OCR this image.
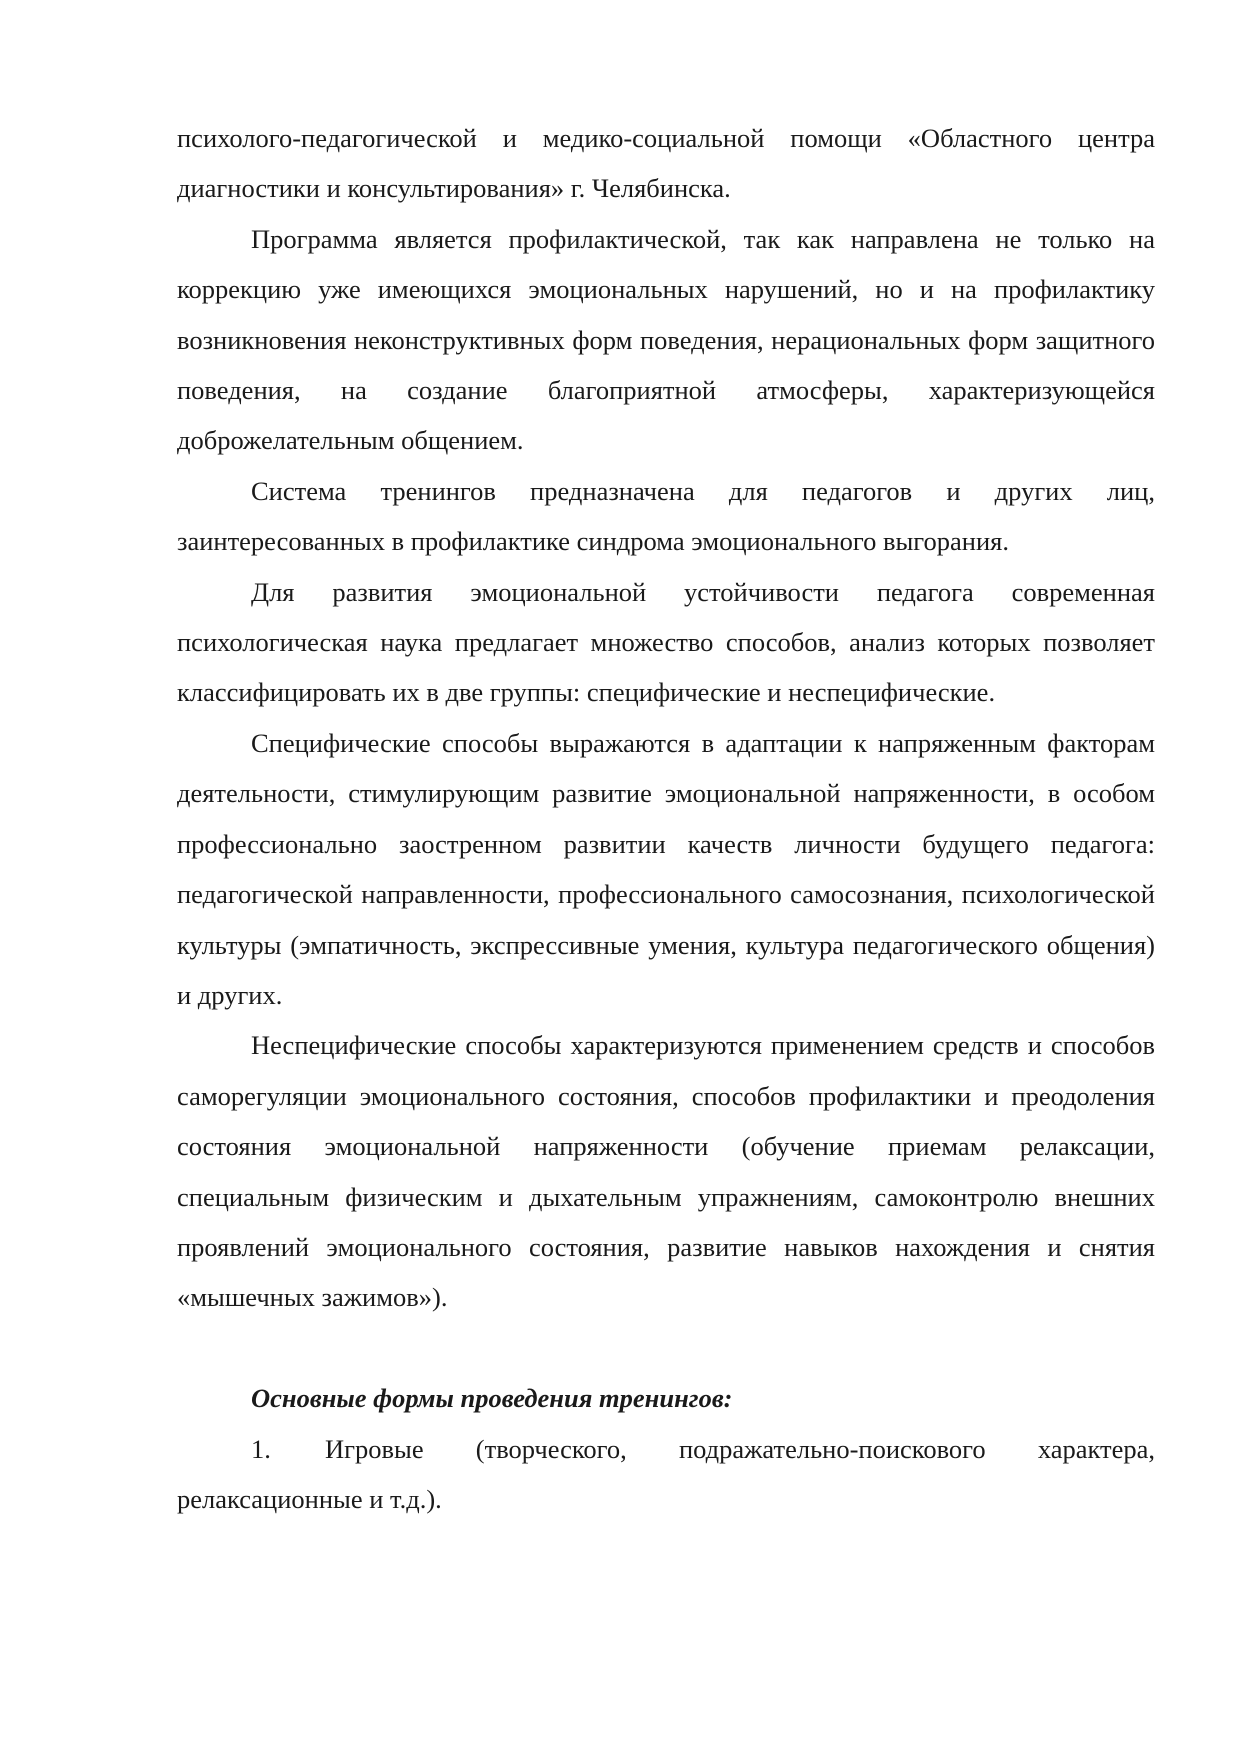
психолого-педагогической и медико-социальной помощи «Областного центра диагностики и консультирования» г. Челябинска.

Программа является профилактической, так как направлена не только на коррекцию уже имеющихся эмоциональных нарушений, но и на профилактику возникновения неконструктивных форм поведения, нерациональных форм защитного поведения, на создание благоприятной атмосферы, характеризующейся доброжелательным общением.

Система тренингов предназначена для педагогов и других лиц, заинтересованных в профилактике синдрома эмоционального выгорания.

Для развития эмоциональной устойчивости педагога современная психологическая наука предлагает множество способов, анализ которых позволяет классифицировать их в две группы: специфические и неспецифические.

Специфические способы выражаются в адаптации к напряженным факторам деятельности, стимулирующим развитие эмоциональной напряженности, в особом профессионально заостренном развитии качеств личности будущего педагога: педагогической направленности, профессионального самосознания, психологической культуры (эмпатичность, экспрессивные умения, культура педагогического общения) и других.

Неспецифические способы характеризуются применением средств и способов саморегуляции эмоционального состояния, способов профилактики и преодоления состояния эмоциональной напряженности (обучение приемам релаксации, специальным физическим и дыхательным упражнениям, самоконтролю внешних проявлений эмоционального состояния, развитие навыков нахождения и снятия «мышечных зажимов»).

Основные формы проведения тренингов:

1. Игровые (творческого, подражательно-поискового характера, релаксационные и т.д.).
